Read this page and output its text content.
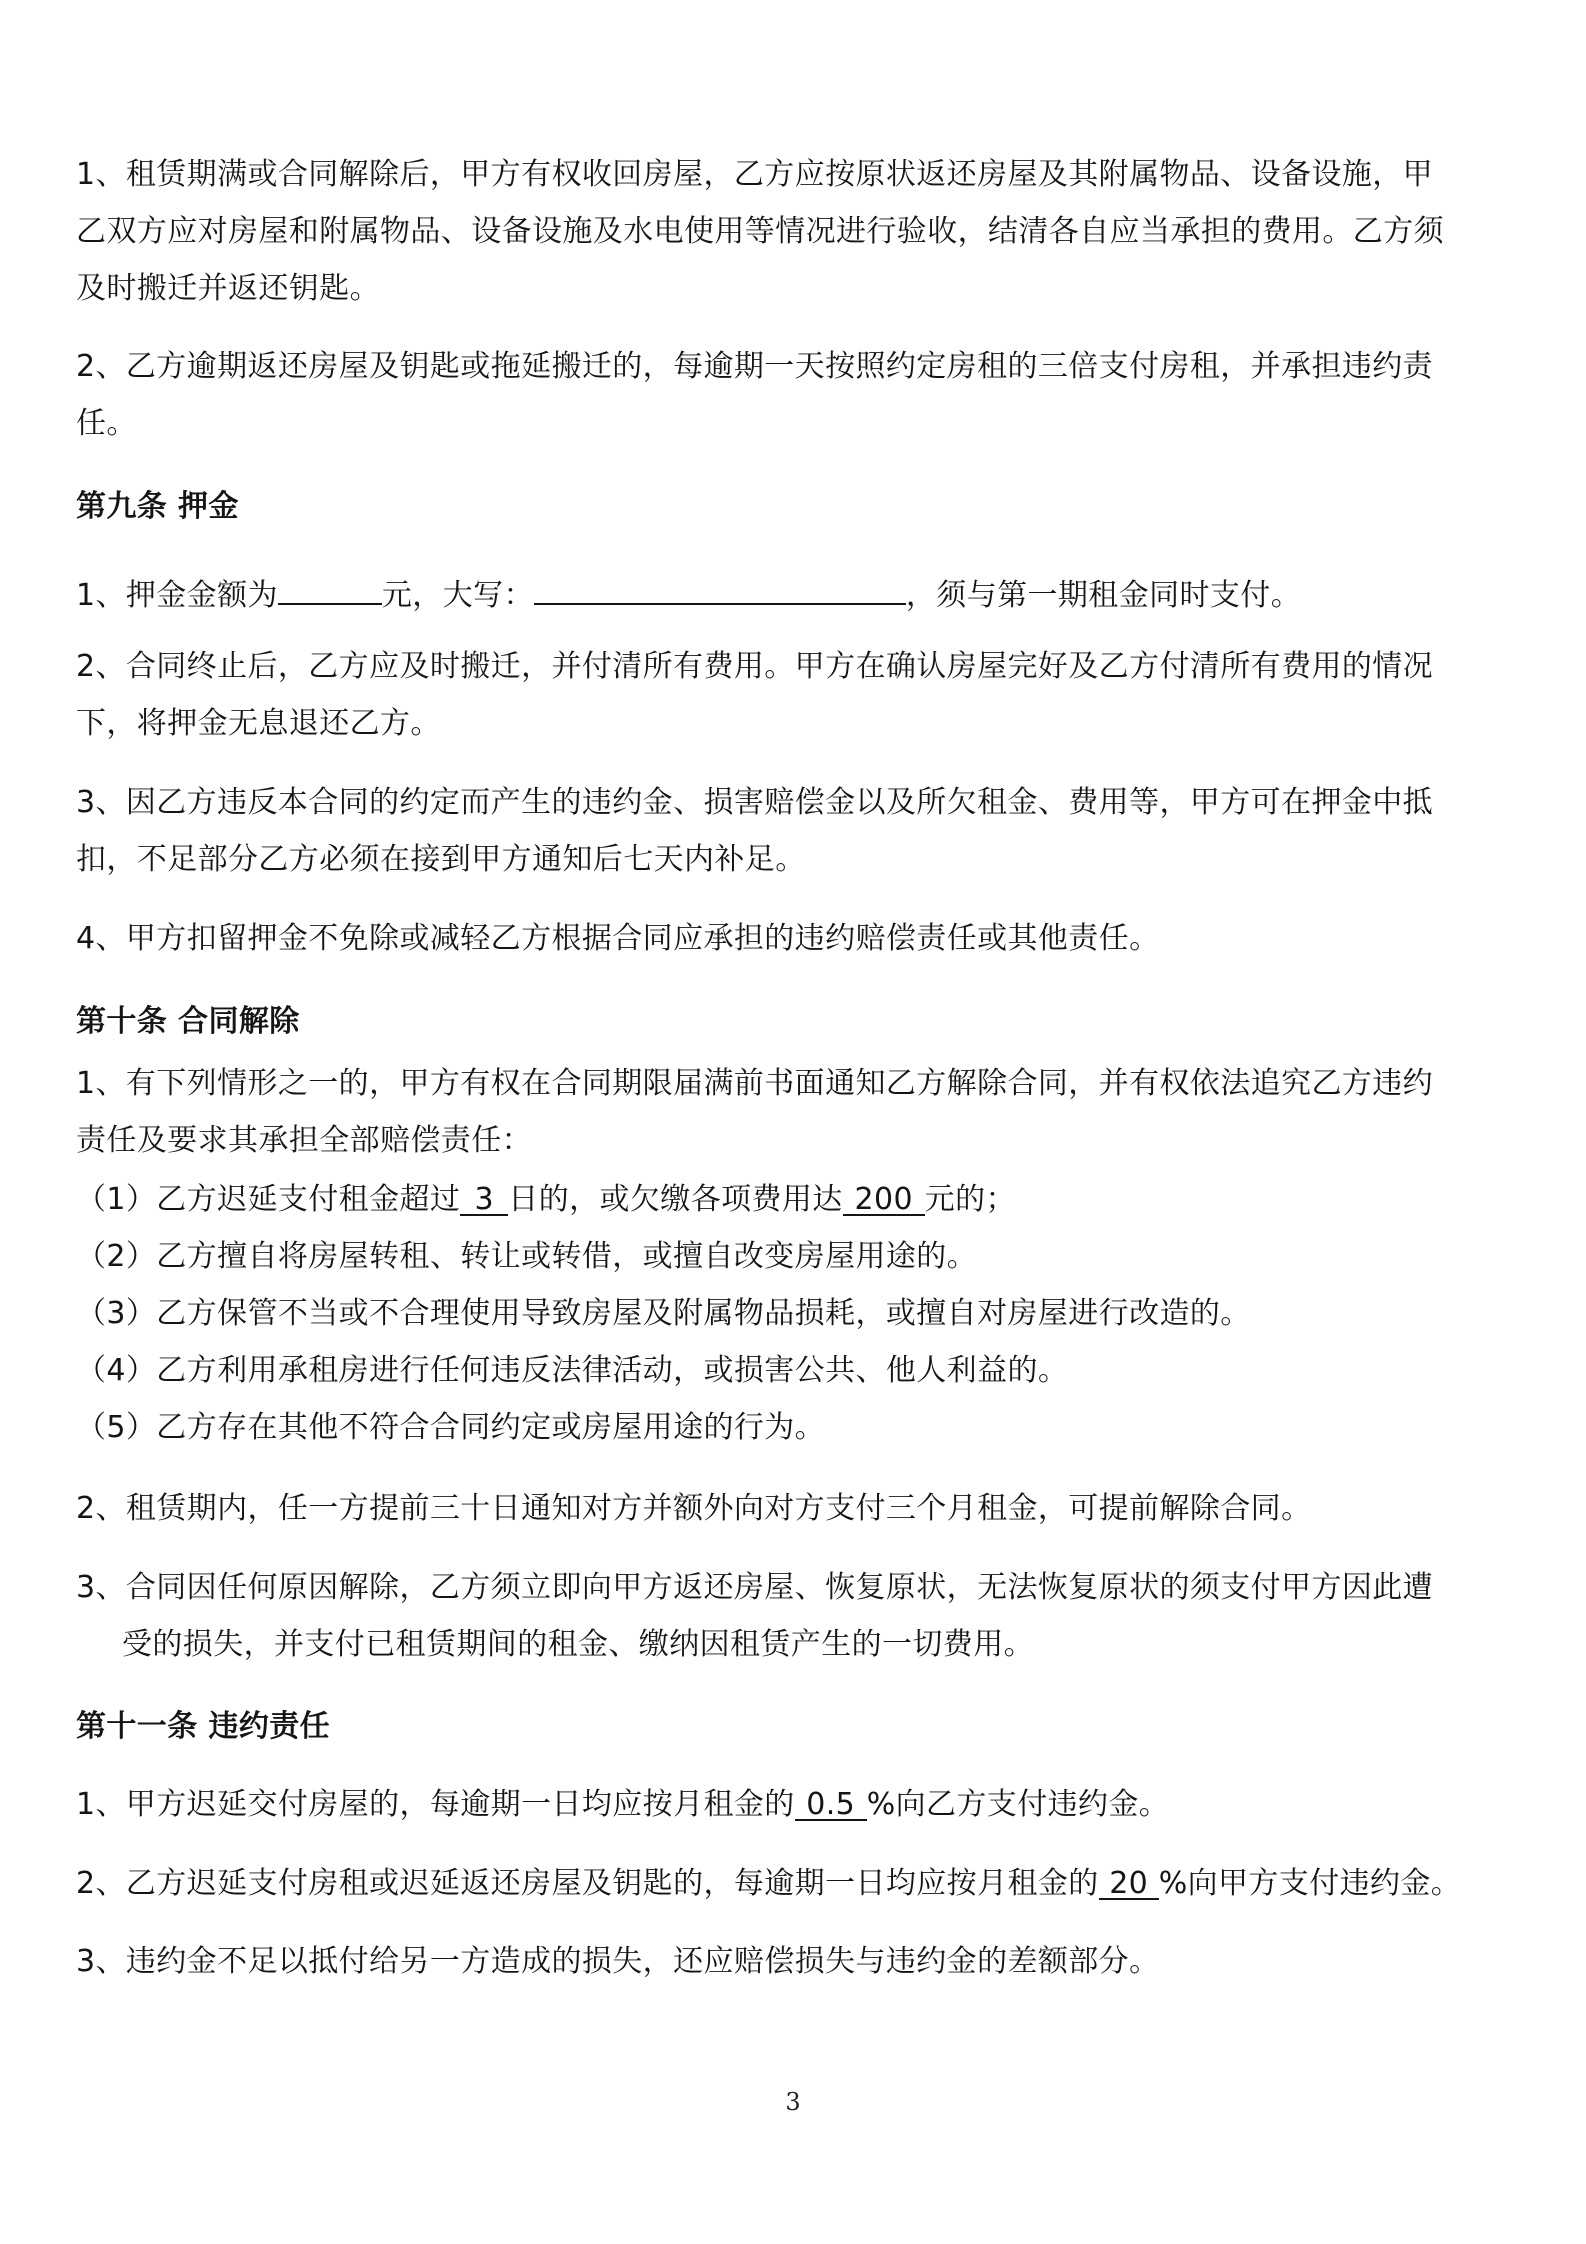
1、租赁期满或合同解除后，甲方有权收回房屋，乙方应按原状返还房屋及其附属物品、设备设施，甲
乙双方应对房屋和附属物品、设备设施及水电使用等情况进行验收，结清各自应当承担的费用。乙方须
及时搬迁并返还钥匙。
2、乙方逾期返还房屋及钥匙或拖延搬迁的，每逾期一天按照约定房租的三倍支付房租，并承担违约责
任。
第九条 押金
1、押金金额为	元，大写：	，须与第一期租金同时支付。
2、合同终止后，乙方应及时搬迁，并付清所有费用。甲方在确认房屋完好及乙方付清所有费用的情况
下，将押金无息退还乙方。
3、因乙方违反本合同的约定而产生的违约金、损害赔偿金以及所欠租金、费用等，甲方可在押金中抵
扣，不足部分乙方必须在接到甲方通知后七天内补足。
4、甲方扣留押金不免除或减轻乙方根据合同应承担的违约赔偿责任或其他责任。
第十条 合同解除
1、有下列情形之一的，甲方有权在合同期限届满前书面通知乙方解除合同，并有权依法追究乙方违约
责任及要求其承担全部赔偿责任：
（1）乙方迟延支付租金超过 3 日的，或欠缴各项费用达 200 元的；
（2）乙方擅自将房屋转租、转让或转借，或擅自改变房屋用途的。
（3）乙方保管不当或不合理使用导致房屋及附属物品损耗，或擅自对房屋进行改造的。
（4）乙方利用承租房进行任何违反法律活动，或损害公共、他人利益的。
（5）乙方存在其他不符合合同约定或房屋用途的行为。
2、租赁期内，任一方提前三十日通知对方并额外向对方支付三个月租金，可提前解除合同。
3、合同因任何原因解除，乙方须立即向甲方返还房屋、恢复原状，无法恢复原状的须支付甲方因此遭
受的损失，并支付已租赁期间的租金、缴纳因租赁产生的一切费用。
第十一条 违约责任
1、甲方迟延交付房屋的，每逾期一日均应按月租金的 0.5 %向乙方支付违约金。
2、乙方迟延支付房租或迟延返还房屋及钥匙的，每逾期一日均应按月租金的 20 %向甲方支付违约金。
3、违约金不足以抵付给另一方造成的损失，还应赔偿损失与违约金的差额部分。
3
